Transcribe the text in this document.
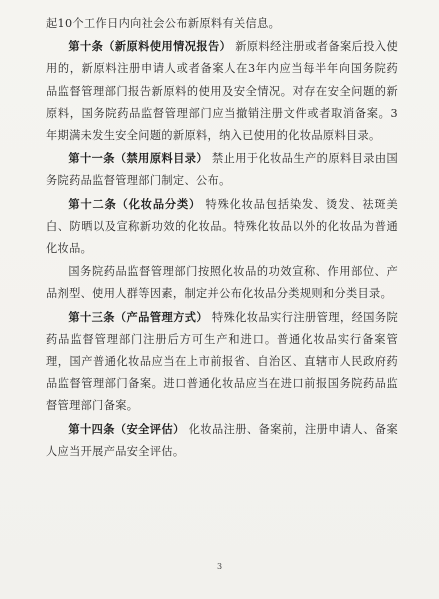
起10个工作日内向社会公布新原料有关信息。

第十条（新原料使用情况报告） 新原料经注册或者备案后投入使用的，新原料注册申请人或者备案人在3年内应当每半年向国务院药品监督管理部门报告新原料的使用及安全情况。对存在安全问题的新原料，国务院药品监督管理部门应当撤销注册文件或者取消备案。3年期满未发生安全问题的新原料，纳入已使用的化妆品原料目录。

第十一条（禁用原料目录） 禁止用于化妆品生产的原料目录由国务院药品监督管理部门制定、公布。

第十二条（化妆品分类） 特殊化妆品包括染发、烫发、祛斑美白、防晒以及宣称新功效的化妆品。特殊化妆品以外的化妆品为普通化妆品。

国务院药品监督管理部门按照化妆品的功效宣称、作用部位、产品剂型、使用人群等因素，制定并公布化妆品分类规则和分类目录。

第十三条（产品管理方式） 特殊化妆品实行注册管理，经国务院药品监督管理部门注册后方可生产和进口。普通化妆品实行备案管理，国产普通化妆品应当在上市前报省、自治区、直辖市人民政府药品监督管理部门备案。进口普通化妆品应当在进口前报国务院药品监督管理部门备案。

第十四条（安全评估） 化妆品注册、备案前，注册申请人、备案人应当开展产品安全评估。

3
